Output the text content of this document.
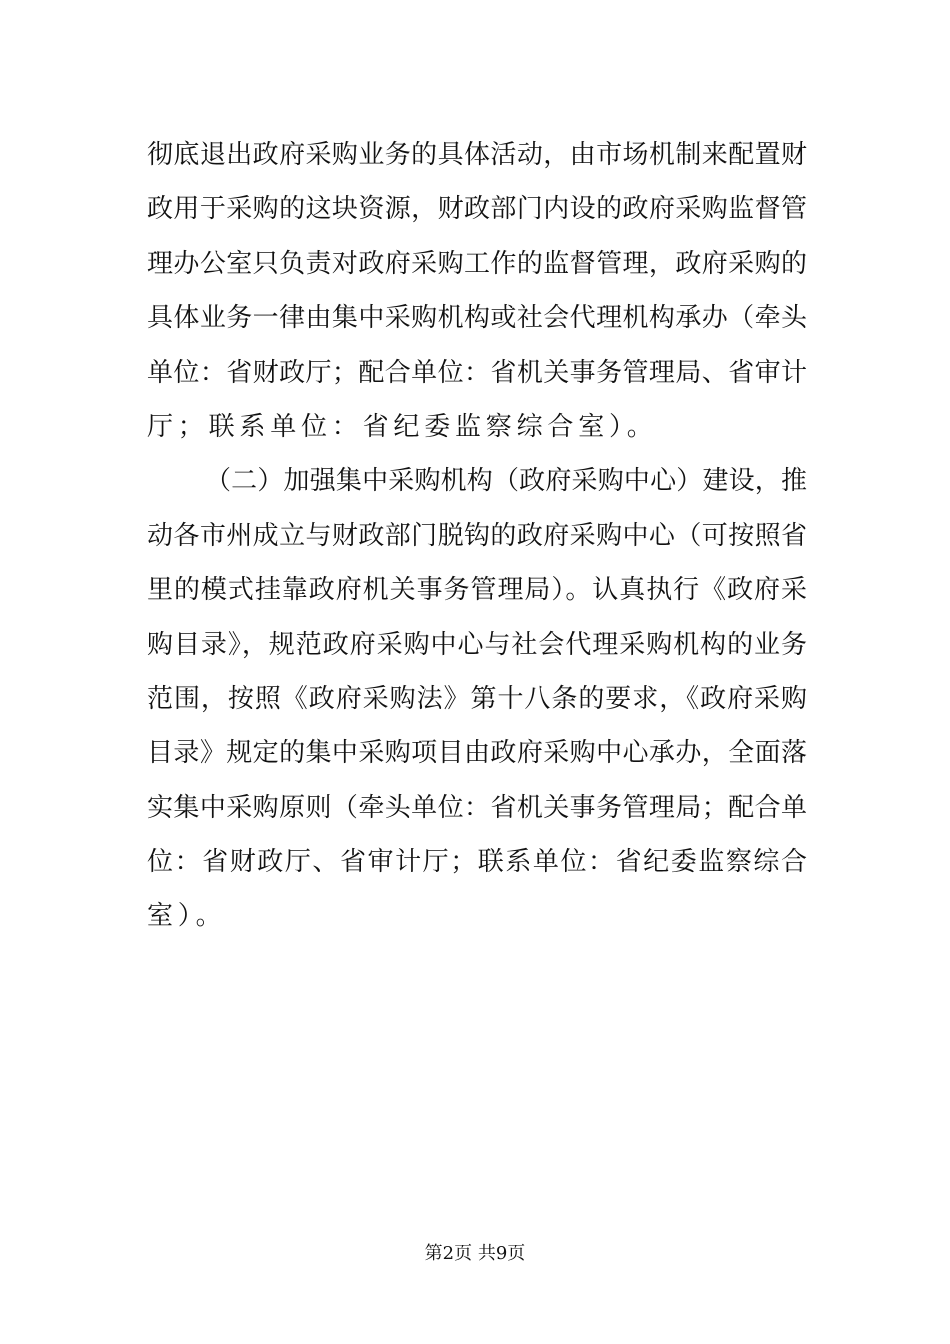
彻底退出政府采购业务的具体活动，由市场机制来配置财
政用于采购的这块资源，财政部门内设的政府采购监督管
理办公室只负责对政府采购工作的监督管理，政府采购的
具体业务一律由集中采购机构或社会代理机构承办（牵头
单位：省财政厅；配合单位：省机关事务管理局、省审计
厅；联系单位：省纪委监察综合室）。
（二）加强集中采购机构（政府采购中心）建设，推
动各市州成立与财政部门脱钩的政府采购中心（可按照省
里的模式挂靠政府机关事务管理局）。认真执行《政府采
购目录》，规范政府采购中心与社会代理采购机构的业务
范围，按照《政府采购法》第十八条的要求，《政府采购
目录》规定的集中采购项目由政府采购中心承办，全面落
实集中采购原则（牵头单位：省机关事务管理局；配合单
位：省财政厅、省审计厅；联系单位：省纪委监察综合
室）。
第2页 共9页
